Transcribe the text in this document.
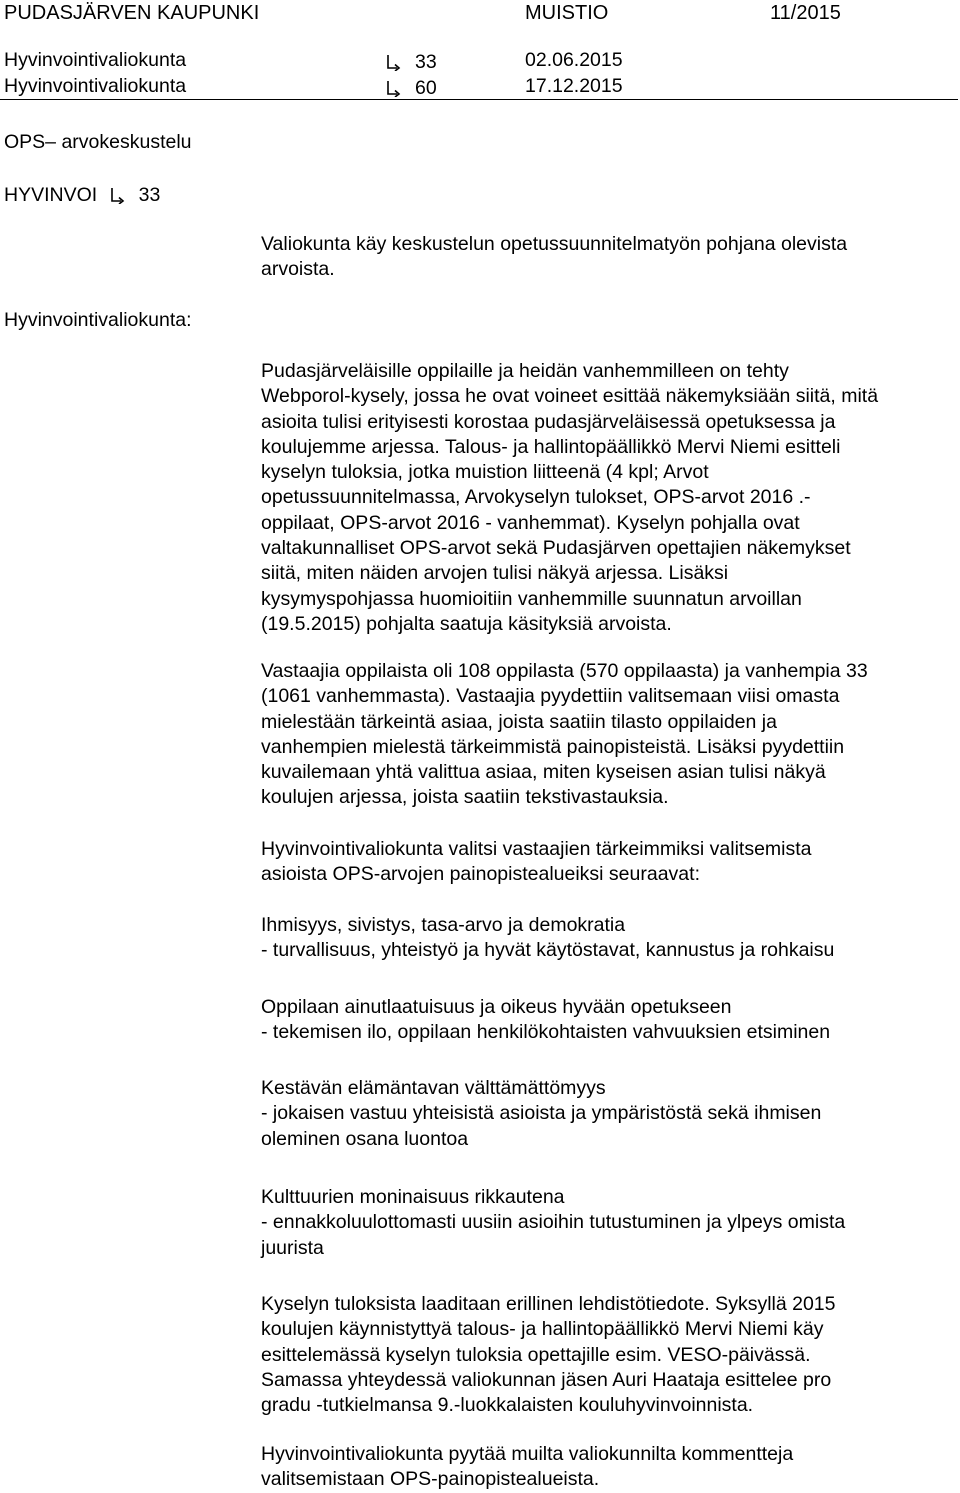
PUDASJÄRVEN KAUPUNKI	MUISTIO	11/2015
Hyvinvointivaliokunta	33	02.06.2015
Hyvinvointivaliokunta	60	17.12.2015
OPS– arvokeskustelu
HYVINVOI 33
Valiokunta käy keskustelun opetussuunnitelmatyön pohjana olevista
arvoista.
Hyvinvointivaliokunta:
Pudasjärveläisille oppilaille ja heidän vanhemmilleen on tehty
Webporol-kysely, jossa he ovat voineet esittää näkemyksiään siitä, mitä
asioita tulisi erityisesti korostaa pudasjärveläisessä opetuksessa ja
koulujemme arjessa. Talous- ja hallintopäällikkö Mervi Niemi esitteli
kyselyn tuloksia, jotka muistion liitteenä (4 kpl; Arvot
opetussuunnitelmassa, Arvokyselyn tulokset, OPS-arvot 2016 .-
oppilaat, OPS-arvot 2016 - vanhemmat). Kyselyn pohjalla ovat
valtakunnalliset OPS-arvot sekä Pudasjärven opettajien näkemykset
siitä, miten näiden arvojen tulisi näkyä arjessa. Lisäksi
kysymyspohjassa huomioitiin vanhemmille suunnatun arvoillan
(19.5.2015) pohjalta saatuja käsityksiä arvoista.
Vastaajia oppilaista oli 108 oppilasta (570 oppilaasta) ja vanhempia 33
(1061 vanhemmasta). Vastaajia pyydettiin valitsemaan viisi omasta
mielestään tärkeintä asiaa, joista saatiin tilasto oppilaiden ja
vanhempien mielestä tärkeimmistä painopisteistä. Lisäksi pyydettiin
kuvailemaan yhtä valittua asiaa, miten kyseisen asian tulisi näkyä
koulujen arjessa, joista saatiin tekstivastauksia.
Hyvinvointivaliokunta valitsi vastaajien tärkeimmiksi valitsemista
asioista OPS-arvojen painopistealueiksi seuraavat:
Ihmisyys, sivistys, tasa-arvo ja demokratia
- turvallisuus, yhteistyö ja hyvät käytöstavat, kannustus ja rohkaisu
Oppilaan ainutlaatuisuus ja oikeus hyvään opetukseen
- tekemisen ilo, oppilaan henkilökohtaisten vahvuuksien etsiminen
Kestävän elämäntavan välttämättömyys
- jokaisen vastuu yhteisistä asioista ja ympäristöstä sekä ihmisen
oleminen osana luontoa
Kulttuurien moninaisuus rikkautena
- ennakkoluulottomasti uusiin asioihin tutustuminen ja ylpeys omista
juurista
Kyselyn tuloksista laaditaan erillinen lehdistötiedote. Syksyllä 2015
koulujen käynnistyttyä talous- ja hallintopäällikkö Mervi Niemi käy
esittelemässä kyselyn tuloksia opettajille esim. VESO-päivässä.
Samassa yhteydessä valiokunnan jäsen Auri Haataja esittelee pro
gradu -tutkielmansa 9.-luokkalaisten kouluhyvinvoinnista.
Hyvinvointivaliokunta pyytää muilta valiokunnilta kommentteja
valitsemistaan OPS-painopistealueista.
